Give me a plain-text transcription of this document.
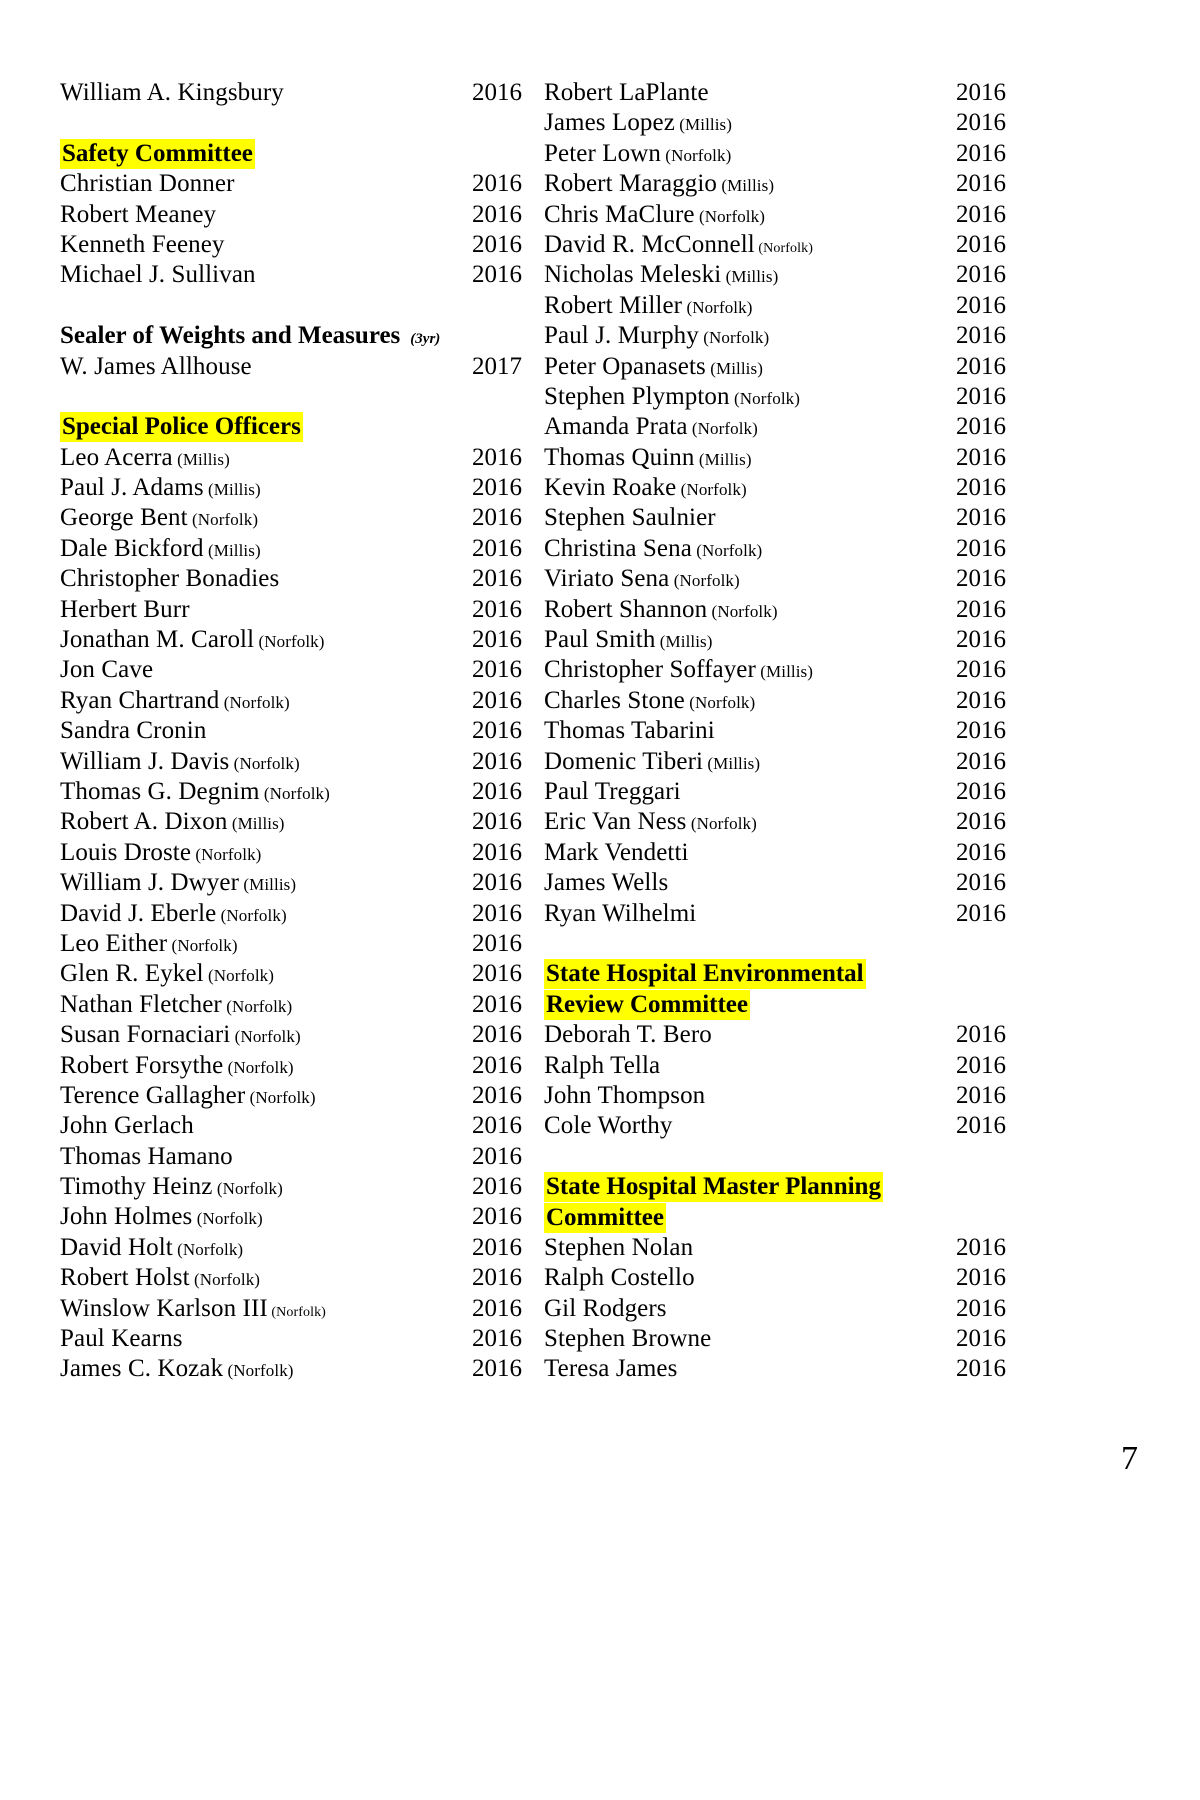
William A. Kingsbury	2016
Safety Committee
Christian Donner	2016
Robert Meaney	2016
Kenneth Feeney	2016
Michael J. Sullivan	2016
Sealer of Weights and Measures (3yr)
W. James Allhouse	2017
Special Police Officers
Leo Acerra (Millis)	2016
Paul J. Adams (Millis)	2016
George Bent (Norfolk)	2016
Dale Bickford (Millis)	2016
Christopher Bonadies	2016
Herbert Burr	2016
Jonathan M. Caroll (Norfolk)	2016
Jon Cave	2016
Ryan Chartrand (Norfolk)	2016
Sandra Cronin	2016
William J. Davis (Norfolk)	2016
Thomas G. Degnim (Norfolk)	2016
Robert A. Dixon (Millis)	2016
Louis Droste (Norfolk)	2016
William J. Dwyer (Millis)	2016
David J. Eberle (Norfolk)	2016
Leo Either (Norfolk)	2016
Glen R. Eykel (Norfolk)	2016
Nathan Fletcher (Norfolk)	2016
Susan Fornaciari (Norfolk)	2016
Robert Forsythe (Norfolk)	2016
Terence Gallagher (Norfolk)	2016
John Gerlach	2016
Thomas Hamano	2016
Timothy Heinz (Norfolk)	2016
John Holmes (Norfolk)	2016
David Holt (Norfolk)	2016
Robert Holst (Norfolk)	2016
Winslow Karlson III (Norfolk)	2016
Paul Kearns	2016
James C. Kozak (Norfolk)	2016
Robert LaPlante	2016
James Lopez (Millis)	2016
Peter Lown (Norfolk)	2016
Robert Maraggio (Millis)	2016
Chris MaClure (Norfolk)	2016
David R. McConnell (Norfolk)	2016
Nicholas Meleski (Millis)	2016
Robert Miller (Norfolk)	2016
Paul J. Murphy (Norfolk)	2016
Peter Opanasets (Millis)	2016
Stephen Plympton (Norfolk)	2016
Amanda Prata (Norfolk)	2016
Thomas Quinn (Millis)	2016
Kevin Roake (Norfolk)	2016
Stephen Saulnier	2016
Christina Sena (Norfolk)	2016
Viriato Sena (Norfolk)	2016
Robert Shannon (Norfolk)	2016
Paul Smith (Millis)	2016
Christopher Soffayer (Millis)	2016
Charles Stone (Norfolk)	2016
Thomas Tabarini	2016
Domenic Tiberi (Millis)	2016
Paul Treggari	2016
Eric Van Ness (Norfolk)	2016
Mark Vendetti	2016
James Wells	2016
Ryan Wilhelmi	2016
State Hospital Environmental
Review Committee
Deborah T. Bero	2016
Ralph Tella	2016
John Thompson	2016
Cole Worthy	2016
State Hospital Master Planning
Committee
Stephen Nolan	2016
Ralph Costello	2016
Gil Rodgers	2016
Stephen Browne	2016
Teresa James	2016
7
